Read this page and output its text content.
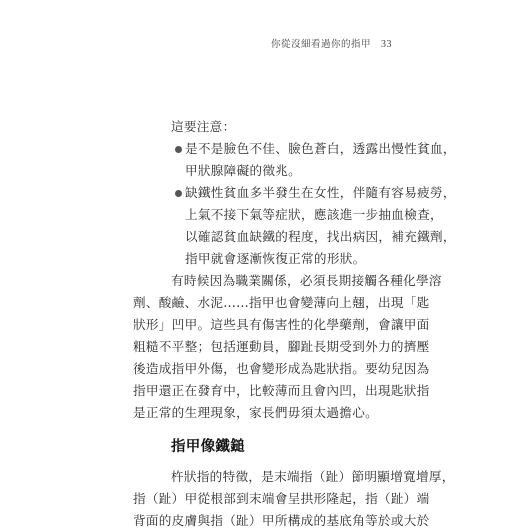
你從沒細看過你的指甲 33
這要注意：
是不是臉色不佳、臉色蒼白，透露出慢性貧血，
甲狀腺障礙的徵兆。
缺鐵性貧血多半發生在女性，伴隨有容易疲勞，
上氣不接下氣等症狀，應該進一步抽血檢查，
以確認貧血缺鐵的程度，找出病因，補充鐵劑，
指甲就會逐漸恢復正常的形狀。
有時候因為職業關係，必須長期接觸各種化學溶
劑、酸鹼、水泥……指甲也會變薄向上翹，出現「匙
狀形」凹甲。這些具有傷害性的化學藥劑，會讓甲面
粗糙不平整；包括運動員，腳趾長期受到外力的擠壓
後造成指甲外傷，也會變形成為匙狀指。要幼兒因為
指甲還正在發育中，比較薄而且會內凹，出現匙狀指
是正常的生理現象，家長們毋須太過擔心。
指甲像鐵鎚
杵狀指的特徵，是末端指（趾）節明顯增寬增厚，
指（趾）甲從根部到末端會呈拱形隆起，指（趾）端
背面的皮膚與指（趾）甲所構成的基底角等於或大於
